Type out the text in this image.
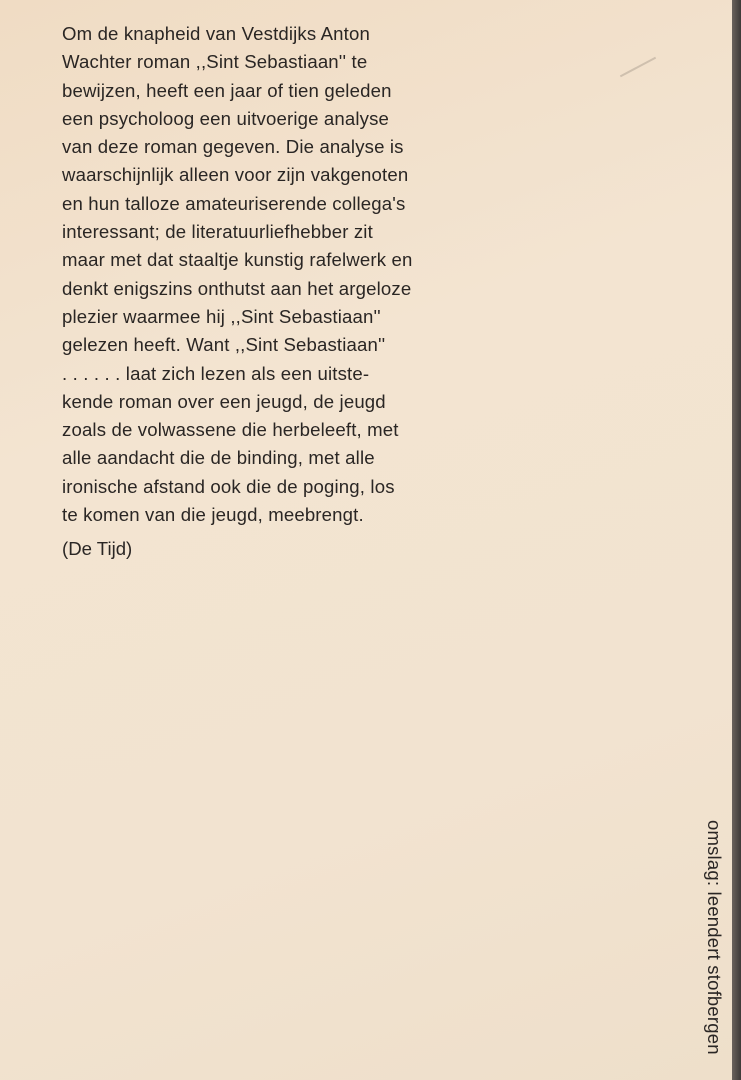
Om de knapheid van Vestdijks Anton
Wachter roman ,,Sint Sebastiaan'' te
bewijzen, heeft een jaar of tien geleden
een psycholoog een uitvoerige analyse
van deze roman gegeven. Die analyse is
waarschijnlijk alleen voor zijn vakgenoten
en hun talloze amateuriserende collega's
interessant; de literatuurliefhebber zit
maar met dat staaltje kunstig rafelwerk en
denkt enigszins onthutst aan het argeloze
plezier waarmee hij ,,Sint Sebastiaan''
gelezen heeft. Want ,,Sint Sebastiaan''
. . . . . . laat zich lezen als een uitste-
kende roman over een jeugd, de jeugd
zoals de volwassene die herbeleeft, met
alle aandacht die de binding, met alle
ironische afstand ook die de poging, los
te komen van die jeugd, meebrengt.
(De Tijd)
omslag: leendert stofbergen
